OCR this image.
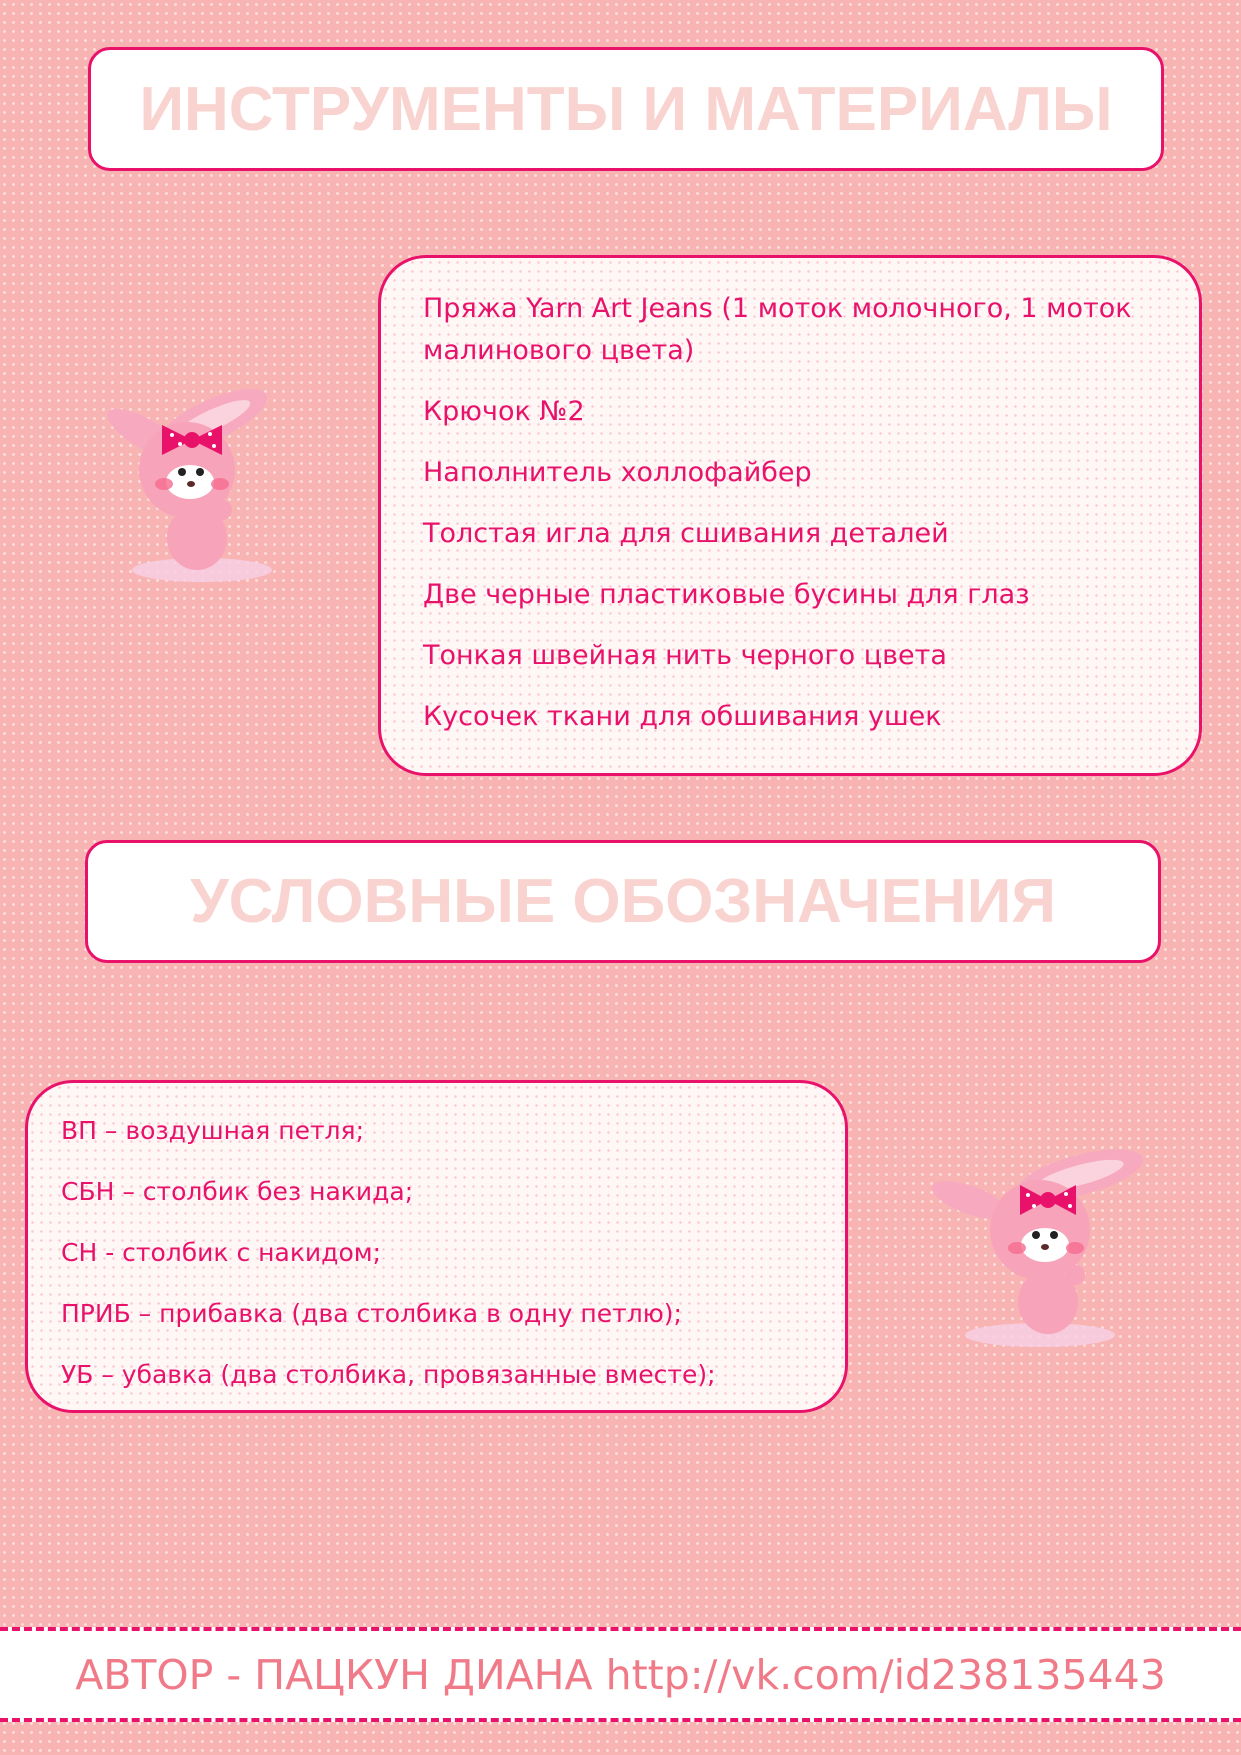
ИНСТРУМЕНТЫ И МАТЕРИАЛЫ

Пряжа Yarn Art Jeans (1 моток молочного, 1 моток малинового цвета)

Крючок №2

Наполнитель холлофайбер

Толстая игла для сшивания деталей

Две черные пластиковые бусины для глаз

Тонкая швейная нить черного цвета

Кусочек ткани для обшивания ушек

УСЛОВНЫЕ ОБОЗНАЧЕНИЯ

ВП – воздушная петля;

СБН – столбик без накида;

СН - столбик с накидом;

ПРИБ – прибавка (два столбика в одну петлю);

УБ – убавка (два столбика, провязанные вместе);

АВТОР - ПАЦКУН ДИАНА http://vk.com/id238135443
